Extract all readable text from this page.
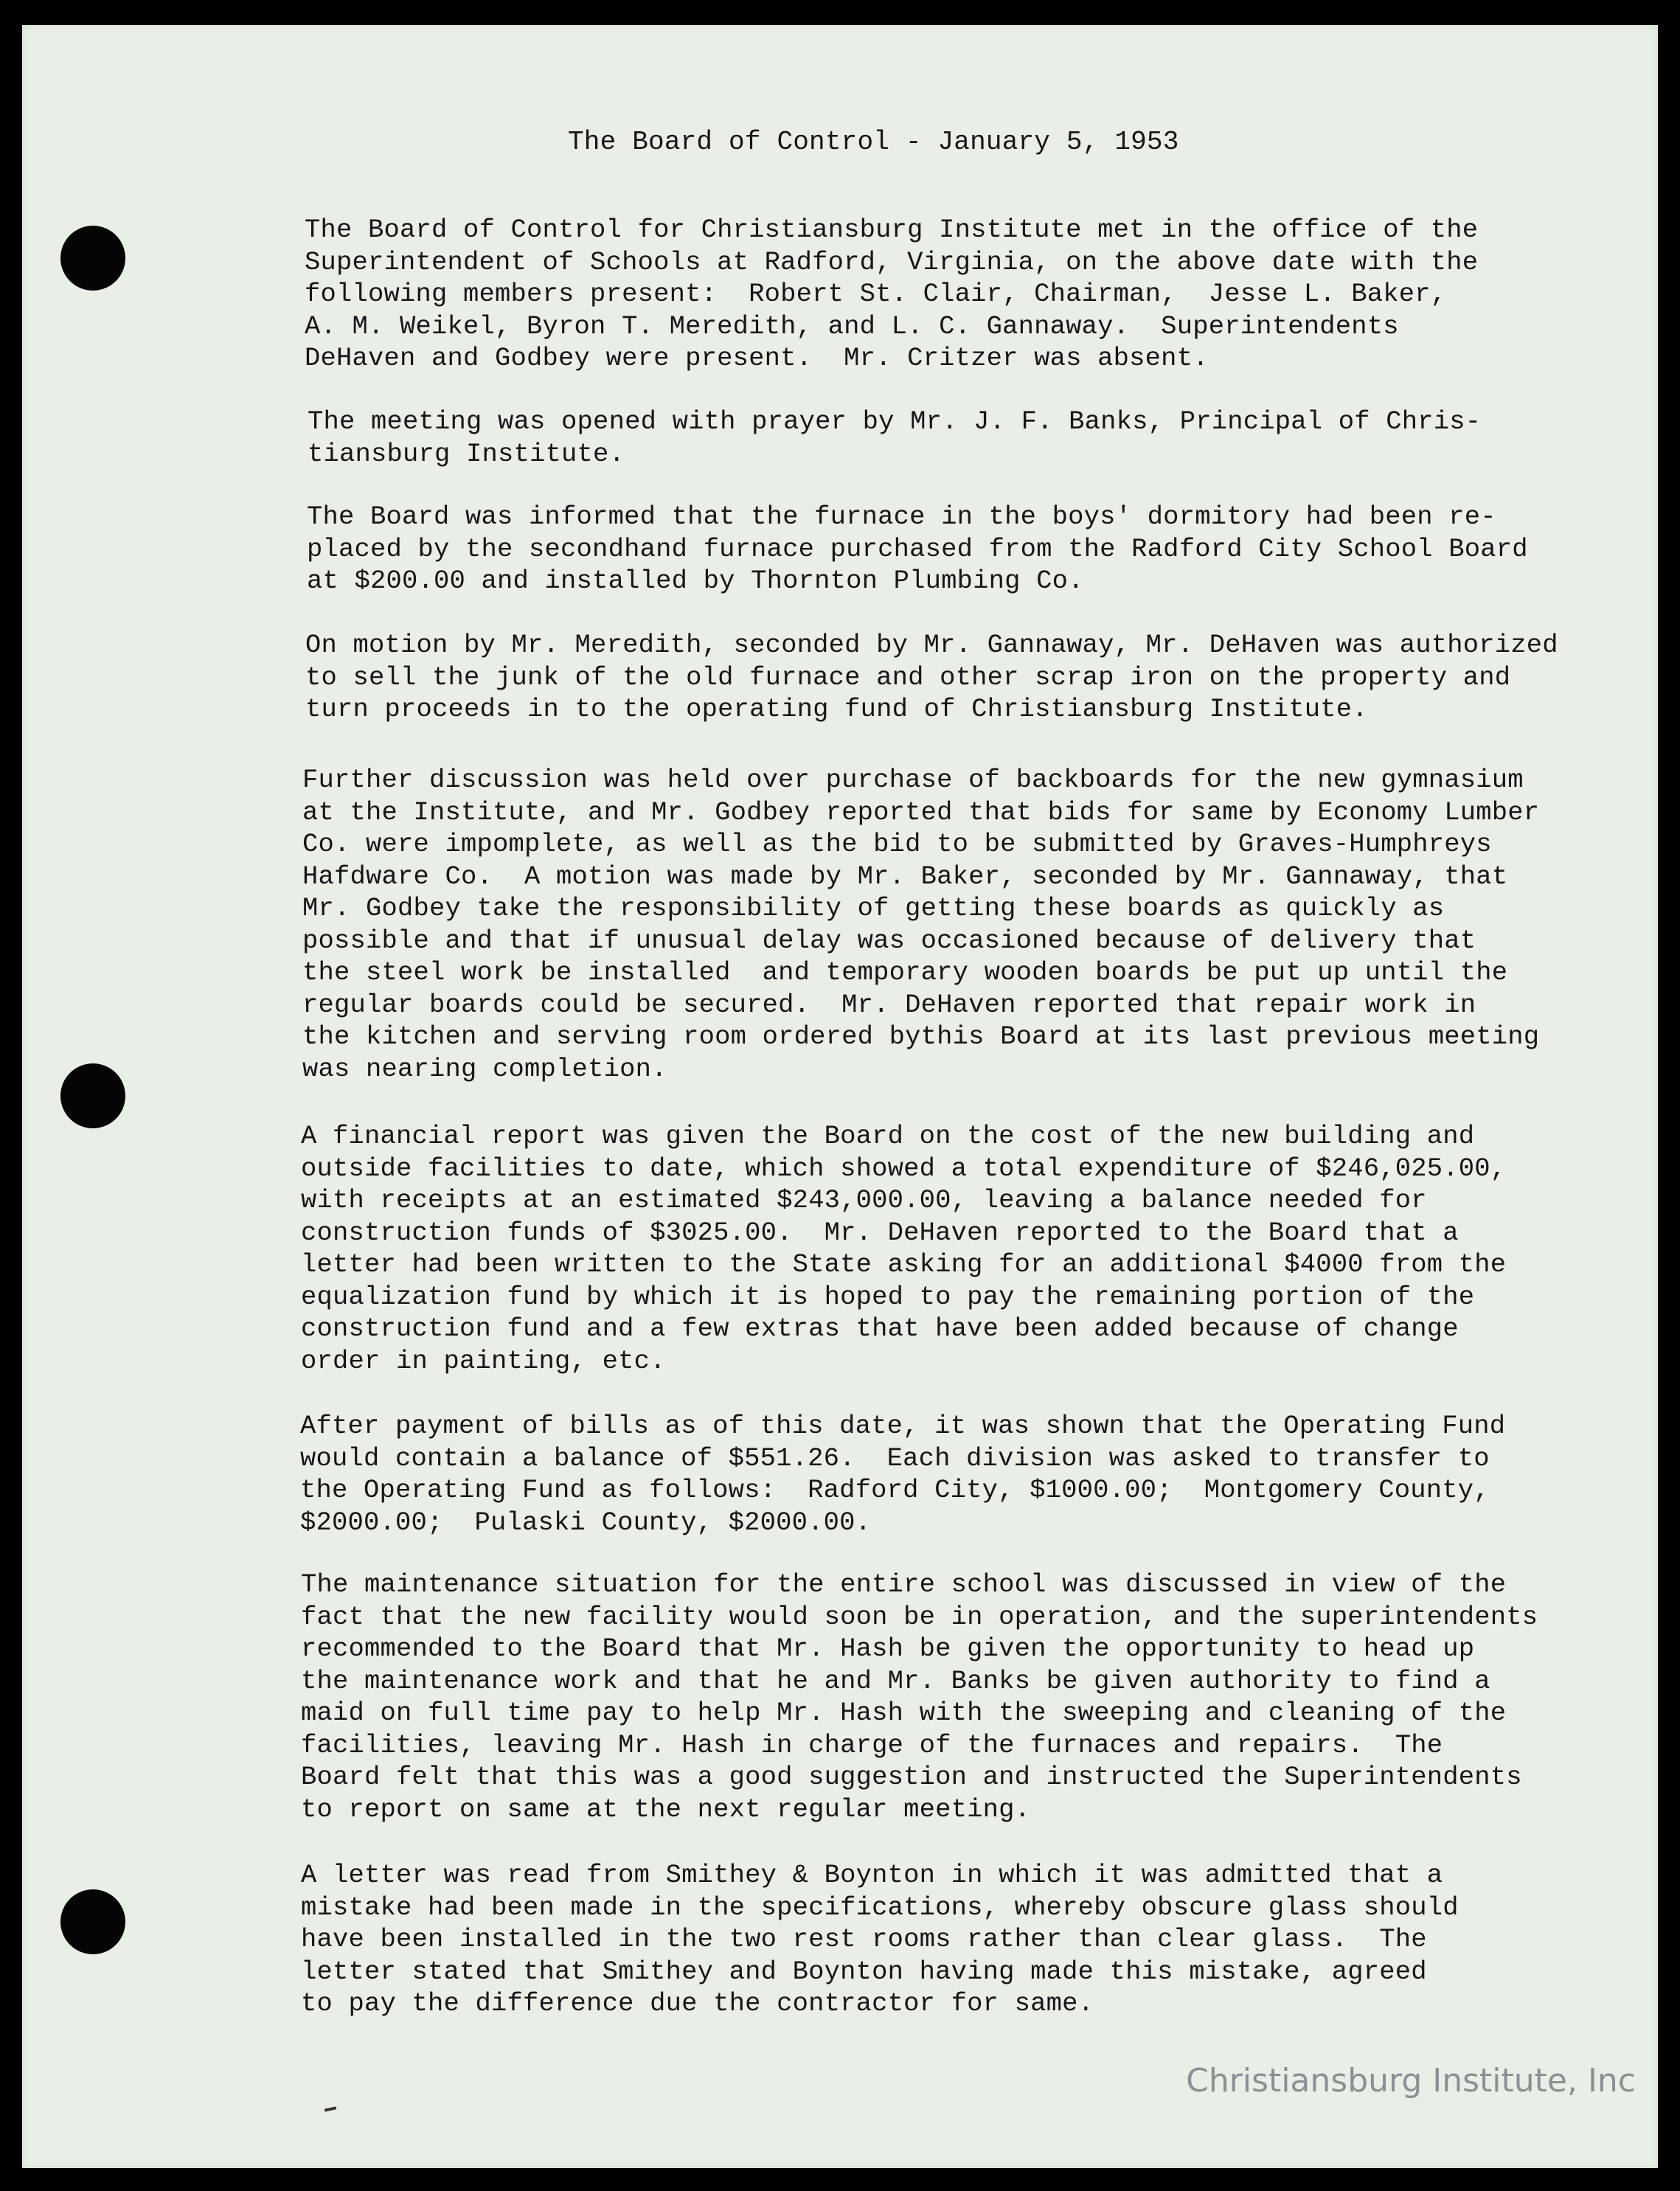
The Board of Control - January 5, 1953
The Board of Control for Christiansburg Institute met in the office of the
Superintendent of Schools at Radford, Virginia, on the above date with the
following members present:  Robert St. Clair, Chairman,  Jesse L. Baker,
A. M. Weikel, Byron T. Meredith, and L. C. Gannaway.  Superintendents
DeHaven and Godbey were present.  Mr. Critzer was absent.
The meeting was opened with prayer by Mr. J. F. Banks, Principal of Chris-
tiansburg Institute.
The Board was informed that the furnace in the boys' dormitory had been re-
placed by the secondhand furnace purchased from the Radford City School Board
at $200.00 and installed by Thornton Plumbing Co.
On motion by Mr. Meredith, seconded by Mr. Gannaway, Mr. DeHaven was authorized
to sell the junk of the old furnace and other scrap iron on the property and
turn proceeds in to the operating fund of Christiansburg Institute.
Further discussion was held over purchase of backboards for the new gymnasium
at the Institute, and Mr. Godbey reported that bids for same by Economy Lumber
Co. were impomplete, as well as the bid to be submitted by Graves-Humphreys
Hafdware Co.  A motion was made by Mr. Baker, seconded by Mr. Gannaway, that
Mr. Godbey take the responsibility of getting these boards as quickly as
possible and that if unusual delay was occasioned because of delivery that
the steel work be installed  and temporary wooden boards be put up until the
regular boards could be secured.  Mr. DeHaven reported that repair work in
the kitchen and serving room ordered bythis Board at its last previous meeting
was nearing completion.
A financial report was given the Board on the cost of the new building and
outside facilities to date, which showed a total expenditure of $246,025.00,
with receipts at an estimated $243,000.00, leaving a balance needed for
construction funds of $3025.00.  Mr. DeHaven reported to the Board that a
letter had been written to the State asking for an additional $4000 from the
equalization fund by which it is hoped to pay the remaining portion of the
construction fund and a few extras that have been added because of change
order in painting, etc.
After payment of bills as of this date, it was shown that the Operating Fund
would contain a balance of $551.26.  Each division was asked to transfer to
the Operating Fund as follows:  Radford City, $1000.00;  Montgomery County,
$2000.00;  Pulaski County, $2000.00.
The maintenance situation for the entire school was discussed in view of the
fact that the new facility would soon be in operation, and the superintendents
recommended to the Board that Mr. Hash be given the opportunity to head up
the maintenance work and that he and Mr. Banks be given authority to find a
maid on full time pay to help Mr. Hash with the sweeping and cleaning of the
facilities, leaving Mr. Hash in charge of the furnaces and repairs.  The
Board felt that this was a good suggestion and instructed the Superintendents
to report on same at the next regular meeting.
A letter was read from Smithey & Boynton in which it was admitted that a
mistake had been made in the specifications, whereby obscure glass should
have been installed in the two rest rooms rather than clear glass.  The
letter stated that Smithey and Boynton having made this mistake, agreed
to pay the difference due the contractor for same.
Christiansburg Institute, Inc
